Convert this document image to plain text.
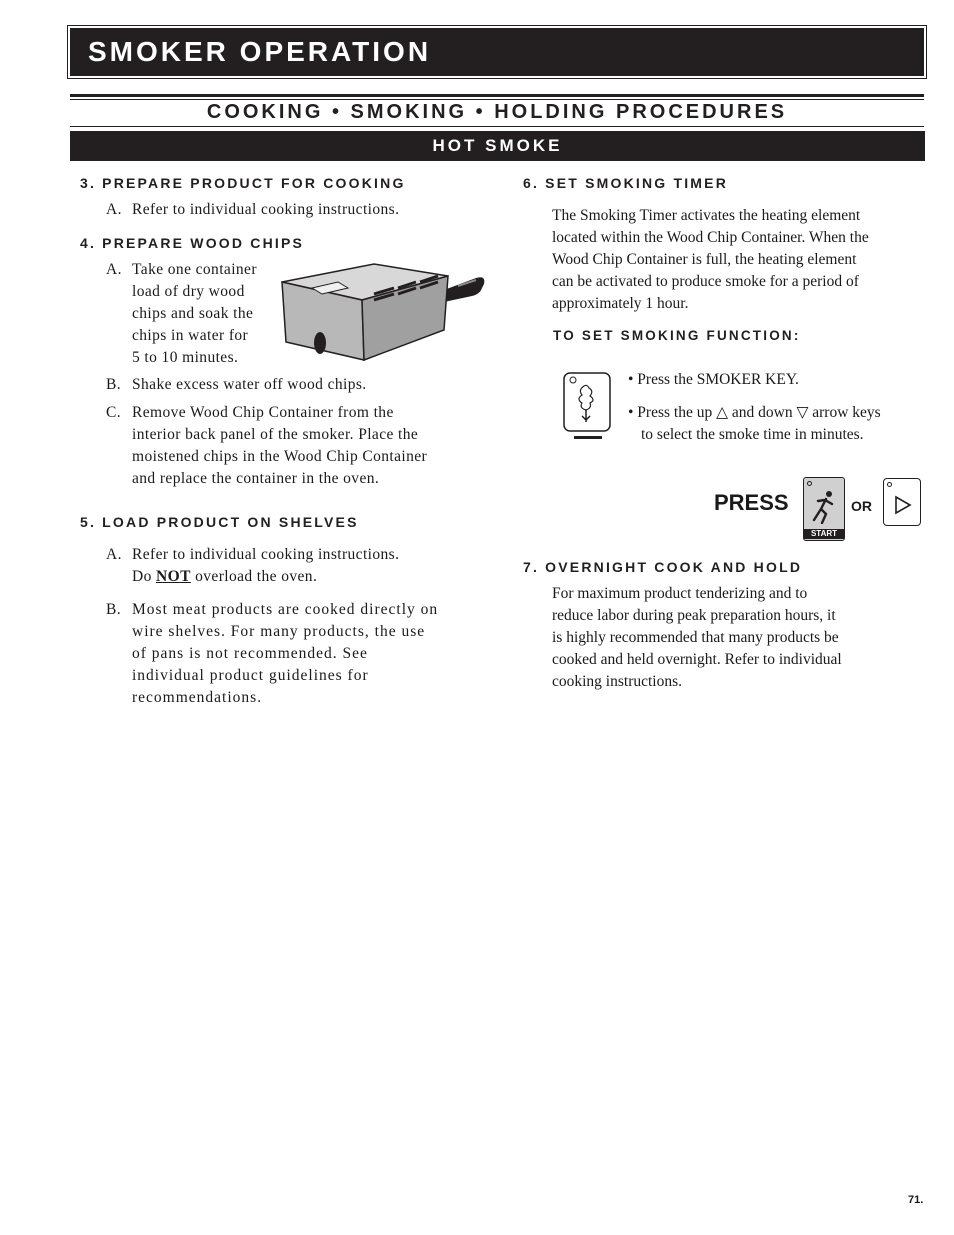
SMOKER OPERATION
COOKING • SMOKING • HOLDING PROCEDURES
HOT SMOKE
3. PREPARE PRODUCT FOR COOKING
A. Refer to individual cooking instructions.
4. PREPARE WOOD CHIPS
A. Take one container
load of dry wood
chips and soak the
chips in water for
5 to 10 minutes.
B. Shake excess water off wood chips.
C. Remove Wood Chip Container from the
interior back panel of the smoker. Place the
moistened chips in the Wood Chip Container
and replace the container in the oven.
5. LOAD PRODUCT ON SHELVES
A. Refer to individual cooking instructions.
Do NOT overload the oven.
B. Most meat products are cooked directly on
wire shelves. For many products, the use
of pans is not recommended. See
individual product guidelines for
recommendations.
6. SET SMOKING TIMER
The Smoking Timer activates the heating element
located within the Wood Chip Container. When the
Wood Chip Container is full, the heating element
can be activated to produce smoke for a period of
approximately 1 hour.
TO SET SMOKING FUNCTION:
• Press the SMOKER KEY.
• Press the up △ and down ▽ arrow keys
to select the smoke time in minutes.
PRESS
START
OR
7. OVERNIGHT COOK AND HOLD
For maximum product tenderizing and to
reduce labor during peak preparation hours, it
is highly recommended that many products be
cooked and held overnight. Refer to individual
cooking instructions.
71.
